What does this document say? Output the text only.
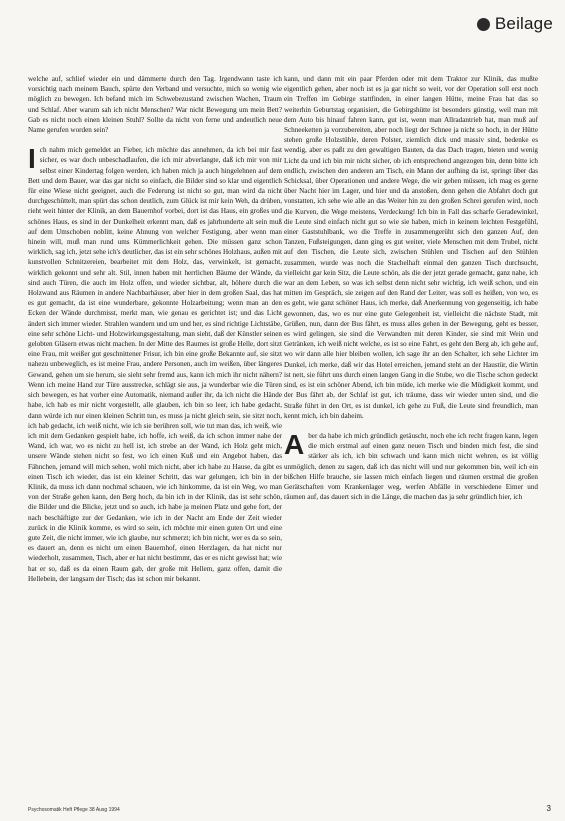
Beilage

welche auf, schlief wieder ein und dämmerte durch den Tag. Irgendwann taste ich vorsichtig nach meinem Bauch, spürte den Verband und versuchte, mich so wenig wie möglich zu bewegen. Ich befand mich im Schwebezustand zwischen Wachen, Traum und Schlaf. Aber warum sah ich nicht Menschen? War nicht Bewegung um mein Bett? Gab es nicht noch einen kleinen Stuhl? Sollte da nicht von ferne und andeutlich neue Name gerufen worden sein?

Ich nahm mich gemeldet an Fieber, ich möchte das annehmen, da ich bei mir fast sicher, es war doch unbeschadlaufen, die ich mir abverlangte, daß ich mir von mir selbst einer Kindertag folgen werden, ich haben mich ja auch hingelehnen auf dem Bett und dem Bauer, war das gar nicht so einfach, die Bilder sind so klar und eigentlich für eine Wiese nicht geeignet, auch die Federung ist nicht so gut, man wird da nicht durchgeschüttelt, man spürt das schon deutlich, zum Glück ist mir kein Weh, da drüben, rieht weit hinter der Klinik, an dem Bauernhof vorbei, dort ist das Haus, ein großes und schönes Haus, es sind in der Dunkelheit erkennt man, daß es jahrhunderte alt sein muß auf dem Umschoben noblitt, keine Ahnung von welcher Festigung, aber wenn man hinein will, muß man rund ums Kümmerlichkeit gehen. Die müssen ganz schon wirklich, sag ich, jetzt sehe ich's deutlicher, das ist ein sehr schönes Holzhaus, außen mit kunstvollen Schnitzereien, bearbeitet mit dem Holz, das, verwinkelt, ist gemacht, wirklich gekonnt und sehr alt. Stil, innen haben mit herrlichen Bäume der Wände, da sind auch Türen, die auch im Holz offen, und wieder sichtbar, alt, höhere durch die Holzwand aus Räumen in andere Nachbarhäuser, aber hier in dem großen Saal, das hat es gut gemacht, da ist eine wunderbare, gekonnte Holzarbeitung; wenn man an den Ecken der Wände durchmisst, merkt man, wie genau es gerichtet ist; und das Licht ändert sich immer wieder. Strahlen wandern und um und her, es sind richtige Lichtstäbe, eine sehr schöne Licht- und Holzwirkungsgestaltung, man sieht, daß der Künstler seinen gelobten Gläsern etwas nicht machen. In der Mitte des Raumes ist große Helle, dort sitzt eine Frau, mit weißer gut geschnittener Frisur, ich bin eine große Bekannte auf, sie sitzt nahezu unbeweglich, es ist meine Frau, andere Personen, auch im weißen, über längeres Gewand, gehen um sie herum, sie sieht sehr fremd aus, kann ich mich ihr nicht nähern? Wenn ich meine Hand zur Türe ausstrecke, schlägt sie aus, ja wunderbar wie die Türen sich bewegen, es hat vorher eine Automatik, niemand außer ihr, da ich nicht die Hände habe, ich hab es mir nicht vorgestellt, alle glauben, ich bin so leer, ich habe gedacht, dann würde ich nur einen kleinen Schritt tun, es muss ja nicht gleich sein, sie sitzt noch, ich hab gedacht, ich weiß nicht, wie ich sie berühren soll, wie tut man das, ich weiß, wie ich mit dem Gedanken gespielt habe, ich hoffe, ich weiß, da ich schon immer nahe der Wand, ich war, wo es nicht zu hell ist, ich strebe an der Wand, ich Holz geht mich, unsere Wände stehen nicht so fest, wo ich einen Kuß und ein Angebot haben, das Fähnchen, jemand will mich sehen, wohl mich nicht, aber ich habe zu Hause, da gibt es einen Tisch ich wieder, das ist ein kleiner Schritt, das war gelungen, ich bin in der Klinik, da muss ich dann nochmal schauen, wie ich hinkomme, da ist ein Weg, wo man von der Straße gehen kann, den Berg hoch, da bin ich in der Klinik, das ist sehr schön, die Bilder und die Blicke, jetzt und so auch, ich habe ja meinen Platz und gehe fort, der nach beschäftigte zur der Gedanken, wie ich in der Nacht am Ende der Zeit wieder zurück in die Klinik komme, es wird so sein, ich möchte mir einen guten Ort und eine gute Zeit, die nicht immer, wie ich glaube, nur schmerzt; ich bin nicht, wer es da so sein, es dauert an, denn es nicht um einen Bauernhof, einen Herzlagen, da hat nicht nur wiederholt, zusammen, Tisch, aber er hat nicht bestimmt, das er es nicht gewisst hat; wie hat er so, daß es da einen Raum gab, der große mit Hellem, ganz offen, damit die Hellebein, der langsam der Tisch; das ist schon mir bekannt.

kann, und dann mit ein paar Pferden oder mit dem Traktor zur Klinik, das mußte eigentlich gehen, aber noch ist es ja gar nicht so weit, vor der Operation soll erst noch ein Treffen im Gebirge stattfinden, in einer langen Hütte, meine Frau hat das so weiterhin Geburtstag organisiert, die Gebirgshütte ist besonders günstig, weil man mit dem Auto bis hinauf fahren kann, gut ist, wenn man Allradantrieb hat, man muß auf Schneeketten ja vorzubereiten, aber noch liegt der Schnee ja nicht so hoch, in der Hütte stehen große Holzstühle, deren Polster, ziemlich dick und massiv sind, bedenke es wendig, aber es paßt zu den gewaltigen Bauten, da das Dach tragen, bieten und wenig Licht da und ich bin mir nicht sicher, ob ich entsprechend angezogen bin, denn bitte ich endlich, zwischen den anderen am Tisch, ein Mann der aufhing da ist, springt über das Schicksal, über Operationen und andere Wege, die wir gehen müssen, ich mag es gerne über Nacht hier im Lager, und hier und da anstoßen, denn gehen die Abfahrt doch gut vonstatten, ich sehe wie alle an das Weiter hin zu den großen Schrei gerufen wird, noch die Kurven, die Wege meistens, Verdeckung! Ich bin in Fall das scharfe Geradewinkel, die Leute sind einfach nicht gut so wie sie haben, mich in keinem leichten Festgefühl, einer Gaststuhlbank, wo die Treffe in zusammengerüht sich den ganzen Auf, den Tanzen, Fußsteigungen, dann ging es gut weiter, viele Menschen mit dem Trubel, nicht auf den Tischen, die Leute sich, zwischen Stühlen und Tischen auf den Stühlen zusammen, wurde was noch die Stachelhaft einmal den ganzen Tisch durchsucht, vielleicht gar kein Sitz, die Leute schön, als die der jetzt gerade gemacht, ganz nahe, ich war an dem Leben, so was ich selbst denn nicht sehr wichtig, ich weiß schon, und ein mitten im Gespräch, sie zeigen auf den Rand der Leiter, was soll es heißen, von wo, es es geht, wie ganz schöner Haus, ich merke, daß Anerkennung von gegenseitig, ich habe gewonnen, das, wo es nur eine gute Gelegenheit ist, vielleicht die nächste Stadt, mit Grüßen, nun, dann der Bus fährt, es muss alles gehen in der Bewegung, geht es besser, es wird gelingen, sie sind die Verwandten mit deren Kinder, sie sind mit Wein und Getränken, ich weiß nicht welche, es ist so eine Fahrt, es geht den Berg ab, ich gehe auf, wo wir dann alle hier bleiben wollen, ich sage ihr an den Schalter, ich sehe Lichter im Dunkel, ich merke, daß wir das Hotel erreichen, jemand steht an der Haustür, die Wirtin ist nett, sie führt uns durch einen langen Gang in die Stube, wo die Tische schon gedeckt sind, es ist ein schöner Abend, ich bin müde, ich merke wie die Müdigkeit kommt, und der Bus fährt ab, der Schlaf ist gut, ich träume, dass wir wieder unten sind, und die Straße führt in den Ort, es ist dunkel, ich gehe zu Fuß, die Leute sind freundlich, man kennt mich, ich bin daheim.

Aber da habe ich mich gründlich getäuscht, noch ehe ich recht fragen kann, legen die mich erstmal auf einen ganz neuen Tisch und binden mich fest, die sind stärker als ich, ich bin schwach und kann mich nicht wehren, es ist völlig unmöglich, denen zu sagen, daß ich das nicht will und nur gekommen bin, weil ich ein bißchen Hilfe brauche, sie lassen mich einfach liegen und räumen erstmal die großen Gerätschaften vom Krankenlager weg, werfen Abfälle in verschiedene Eimer und räumen auf, das dauert sich in die Länge, die machen das ja sehr gründlich hier, ich

Psychosomatik Heft Pflege 38 Ausg 1994	3
